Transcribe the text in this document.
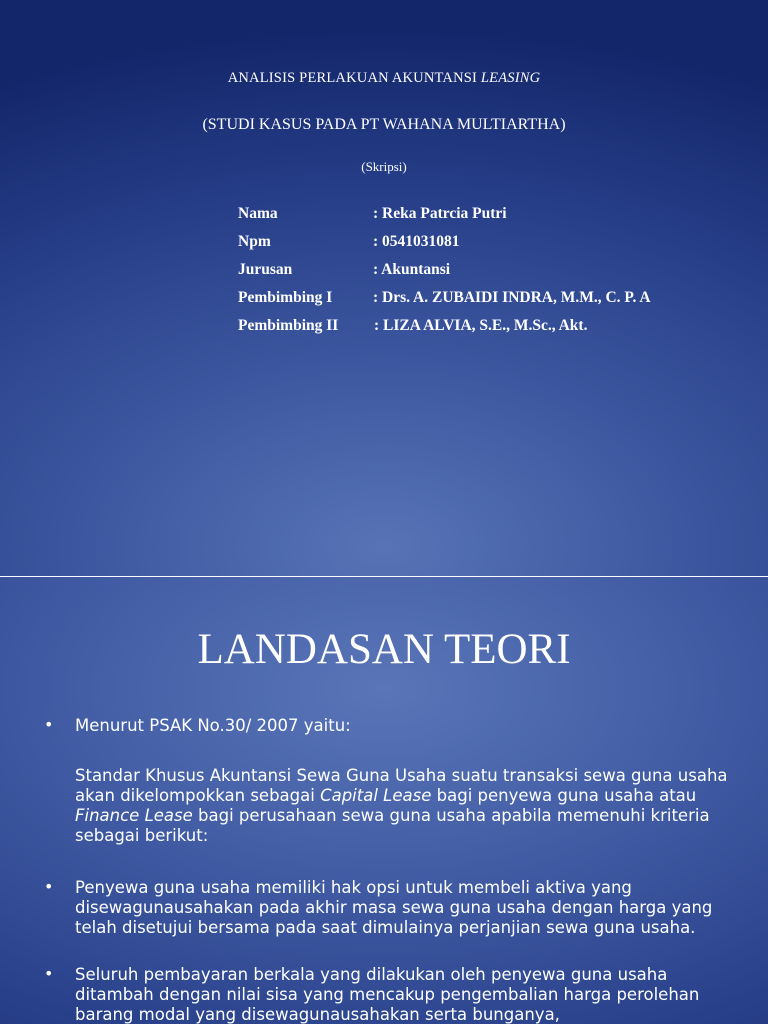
ANALISIS PERLAKUAN AKUNTANSI LEASING
(STUDI KASUS PADA PT WAHANA MULTIARTHA)
(Skripsi)
Nama	: Reka Patrcia Putri
Npm	: 0541031081
Jurusan	: Akuntansi
Pembimbing I	: Drs. A. ZUBAIDI INDRA, M.M., C. P. A
Pembimbing II : LIZA ALVIA, S.E., M.Sc., Akt.
LANDASAN TEORI
• Menurut PSAK No.30/ 2007 yaitu:
Standar Khusus Akuntansi Sewa Guna Usaha suatu transaksi sewa guna usaha akan dikelompokkan sebagai Capital Lease bagi penyewa guna usaha atau Finance Lease bagi perusahaan sewa guna usaha apabila memenuhi kriteria sebagai berikut:
• Penyewa guna usaha memiliki hak opsi untuk membeli aktiva yang disewagunausahakan pada akhir masa sewa guna usaha dengan harga yang telah disetujui bersama pada saat dimulainya perjanjian sewa guna usaha.
• Seluruh pembayaran berkala yang dilakukan oleh penyewa guna usaha ditambah dengan nilai sisa yang mencakup pengembalian harga perolehan barang modal yang disewagunausahakan serta bunganya,
